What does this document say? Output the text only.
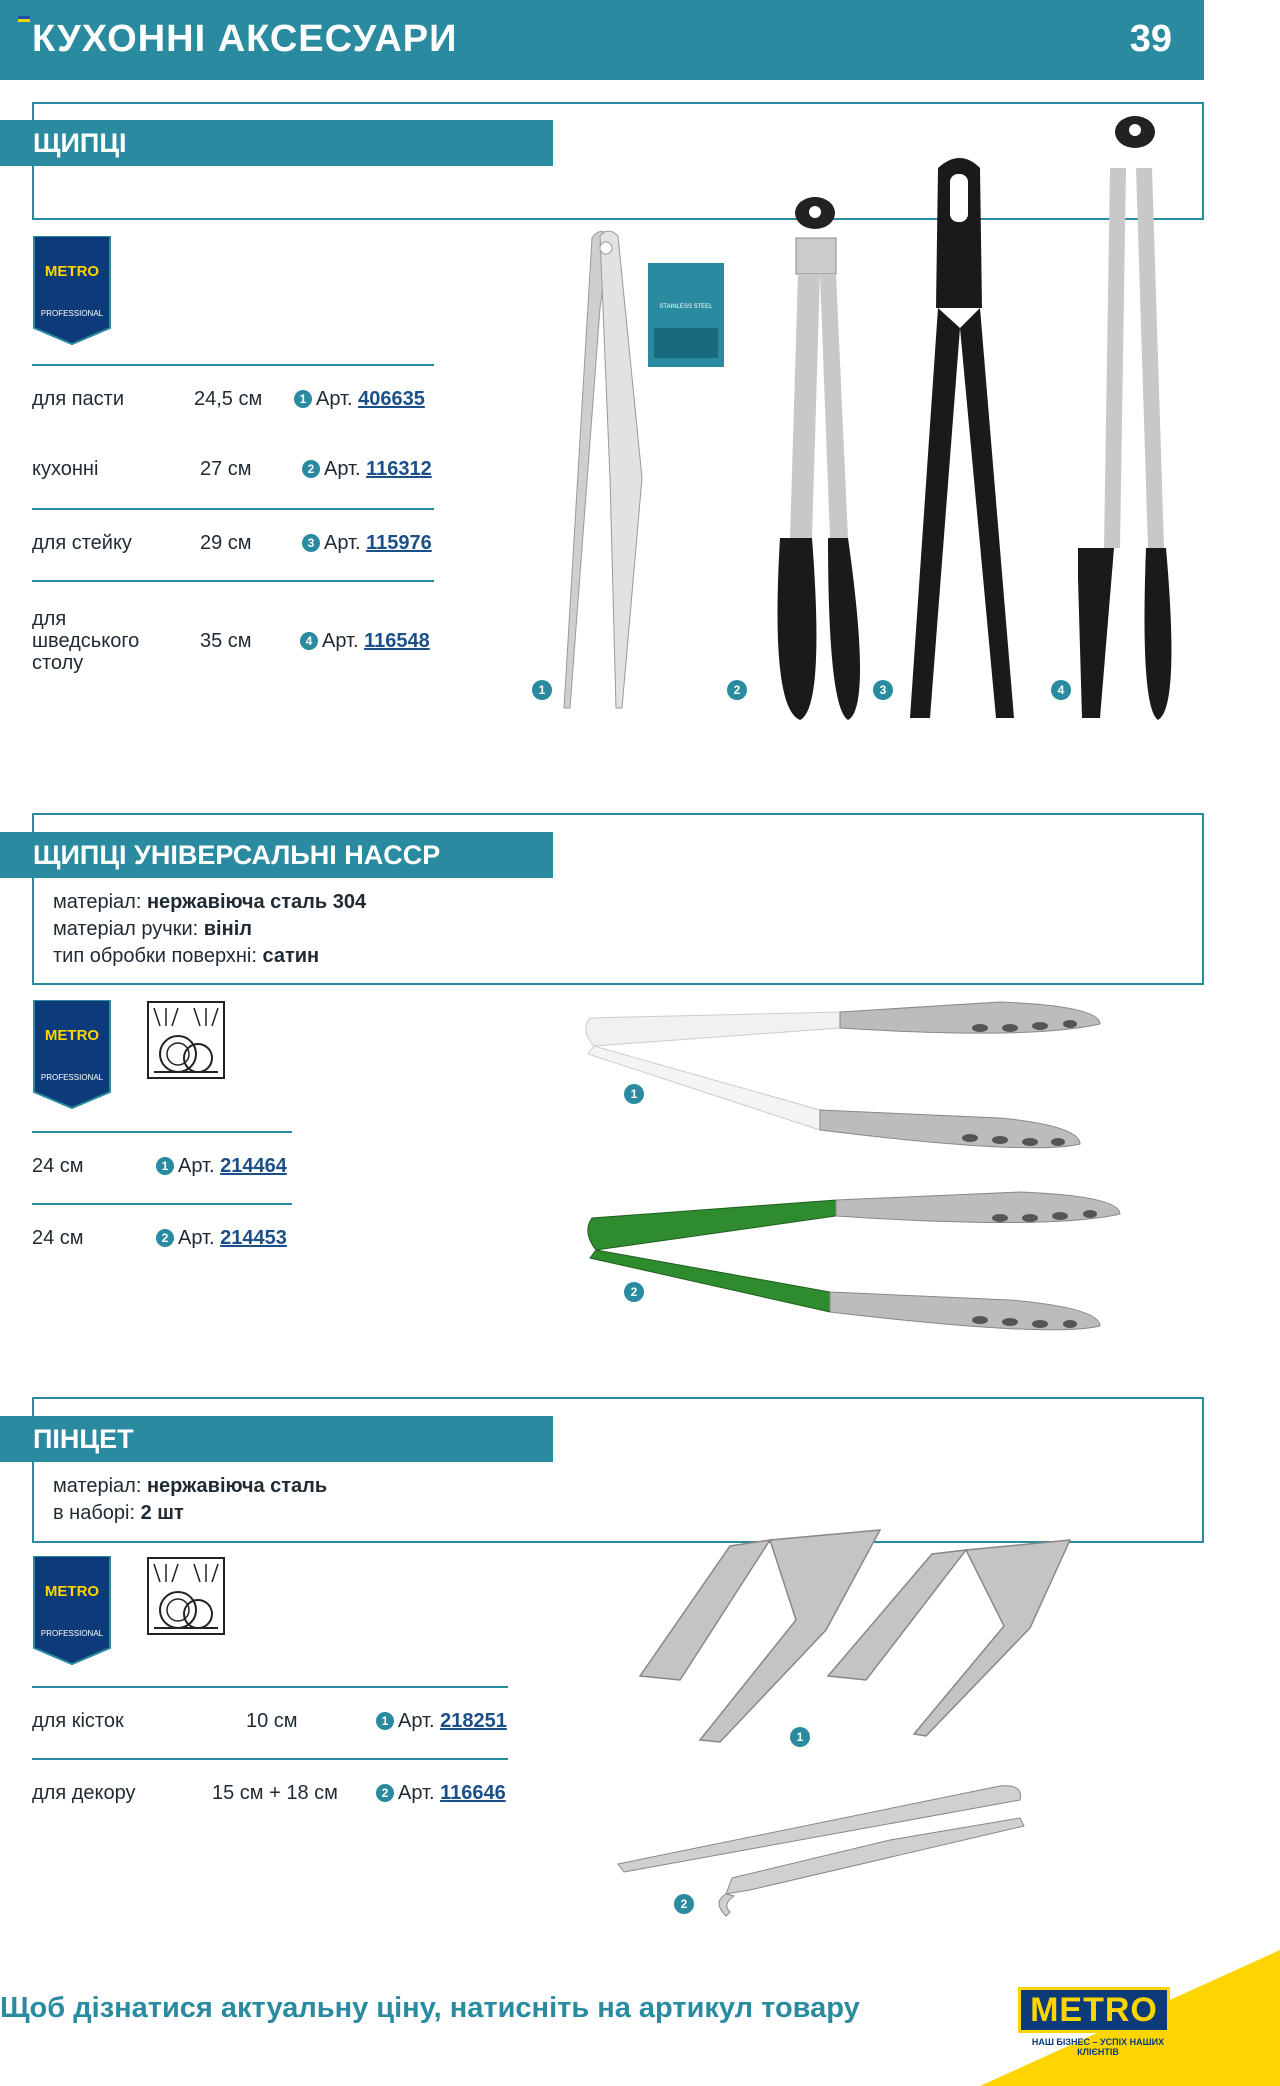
КУХОННІ АКСЕСУАРИ	39
ЩИПЦІ
METRO
PROFESSIONAL
для пасти	24,5 см	1 Арт. 406635
кухонні	27 см	2 Арт. 116312
для стейку	29 см	3 Арт. 115976
для
шведського
столу
35 см	4 Арт. 116548
STAINLESS STEEL
1	2	3	4
ЩИПЦІ УНІВЕРСАЛЬНІ HACCP
матеріал: нержавіюча сталь 304
матеріал ручки: вініл
тип обробки поверхні: сатин
METRO
PROFESSIONAL
24 см	1 Арт. 214464
24 см	2 Арт. 214453
1
2
ПІНЦЕТ
матеріал: нержавіюча сталь
в наборі: 2 шт
METRO
PROFESSIONAL
для кісток	10 см	1 Арт. 218251
для декору	15 см + 18 см	2 Арт. 116646
1
2
Щоб дізнатися актуальну ціну, натисніть на артикул товару	METRO
НАШ БІЗНЕС – УСПІХ НАШИХ КЛІЄНТІВ
